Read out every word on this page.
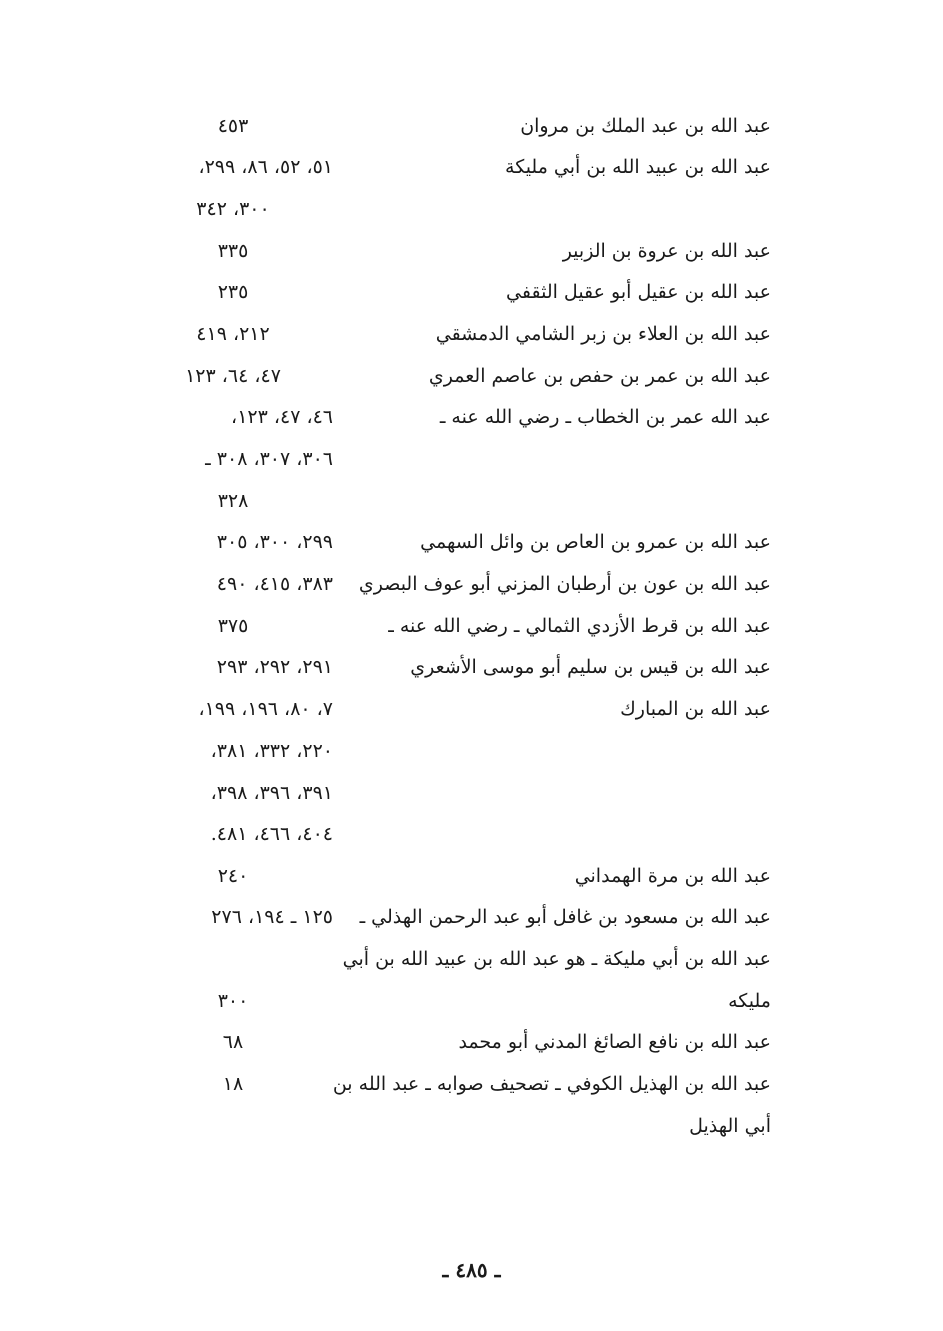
عبد الله بن عبد الملك بن مروان
٤٥٣
عبد الله بن عبيد الله بن أبي مليكة
٥١، ٥٢، ٨٦، ٢٩٩،
٣٠٠، ٣٤٢
عبد الله بن عروة بن الزبير
٣٣٥
عبد الله بن عقيل أبو عقيل الثقفي
٢٣٥
عبد الله بن العلاء بن زبر الشامي الدمشقي
٢١٢، ٤١٩
عبد الله بن عمر بن حفص بن عاصم العمري
٤٧، ٦٤، ١٢٣
عبد الله عمر بن الخطاب ـ رضي الله عنه ـ
٤٦، ٤٧، ١٢٣،
٣٠٦، ٣٠٧، ٣٠٨ ـ
٣٢٨
عبد الله بن عمرو بن العاص بن وائل السهمي
٢٩٩، ٣٠٠، ٣٠٥
عبد الله بن عون بن أرطبان المزني أبو عوف البصري
٣٨٣، ٤١٥، ٤٩٠
عبد الله بن قرط الأزدي الثمالي ـ رضي الله عنه ـ
٣٧٥
عبد الله بن قيس بن سليم أبو موسى الأشعري
٢٩١، ٢٩٢، ٢٩٣
عبد الله بن المبارك
٧، ٨٠، ١٩٦، ١٩٩،
٢٢٠، ٣٣٢، ٣٨١،
٣٩١، ٣٩٦، ٣٩٨،
٤٠٤، ٤٦٦، ٤٨١.
عبد الله بن مرة الهمداني
٢٤٠
عبد الله بن مسعود بن غافل أبو عبد الرحمن الهذلي ـ
١٢٥ ـ ١٩٤، ٢٧٦
عبد الله بن أبي مليكة ـ هو عبد الله بن عبيد الله بن أبي
مليكه
٣٠٠
عبد الله بن نافع الصائغ المدني أبو محمد
٦٨
عبد الله بن الهذيل الكوفي ـ تصحيف صوابه ـ عبد الله بن
١٨
أبي الهذيل
ـ ٤٨٥ ـ
